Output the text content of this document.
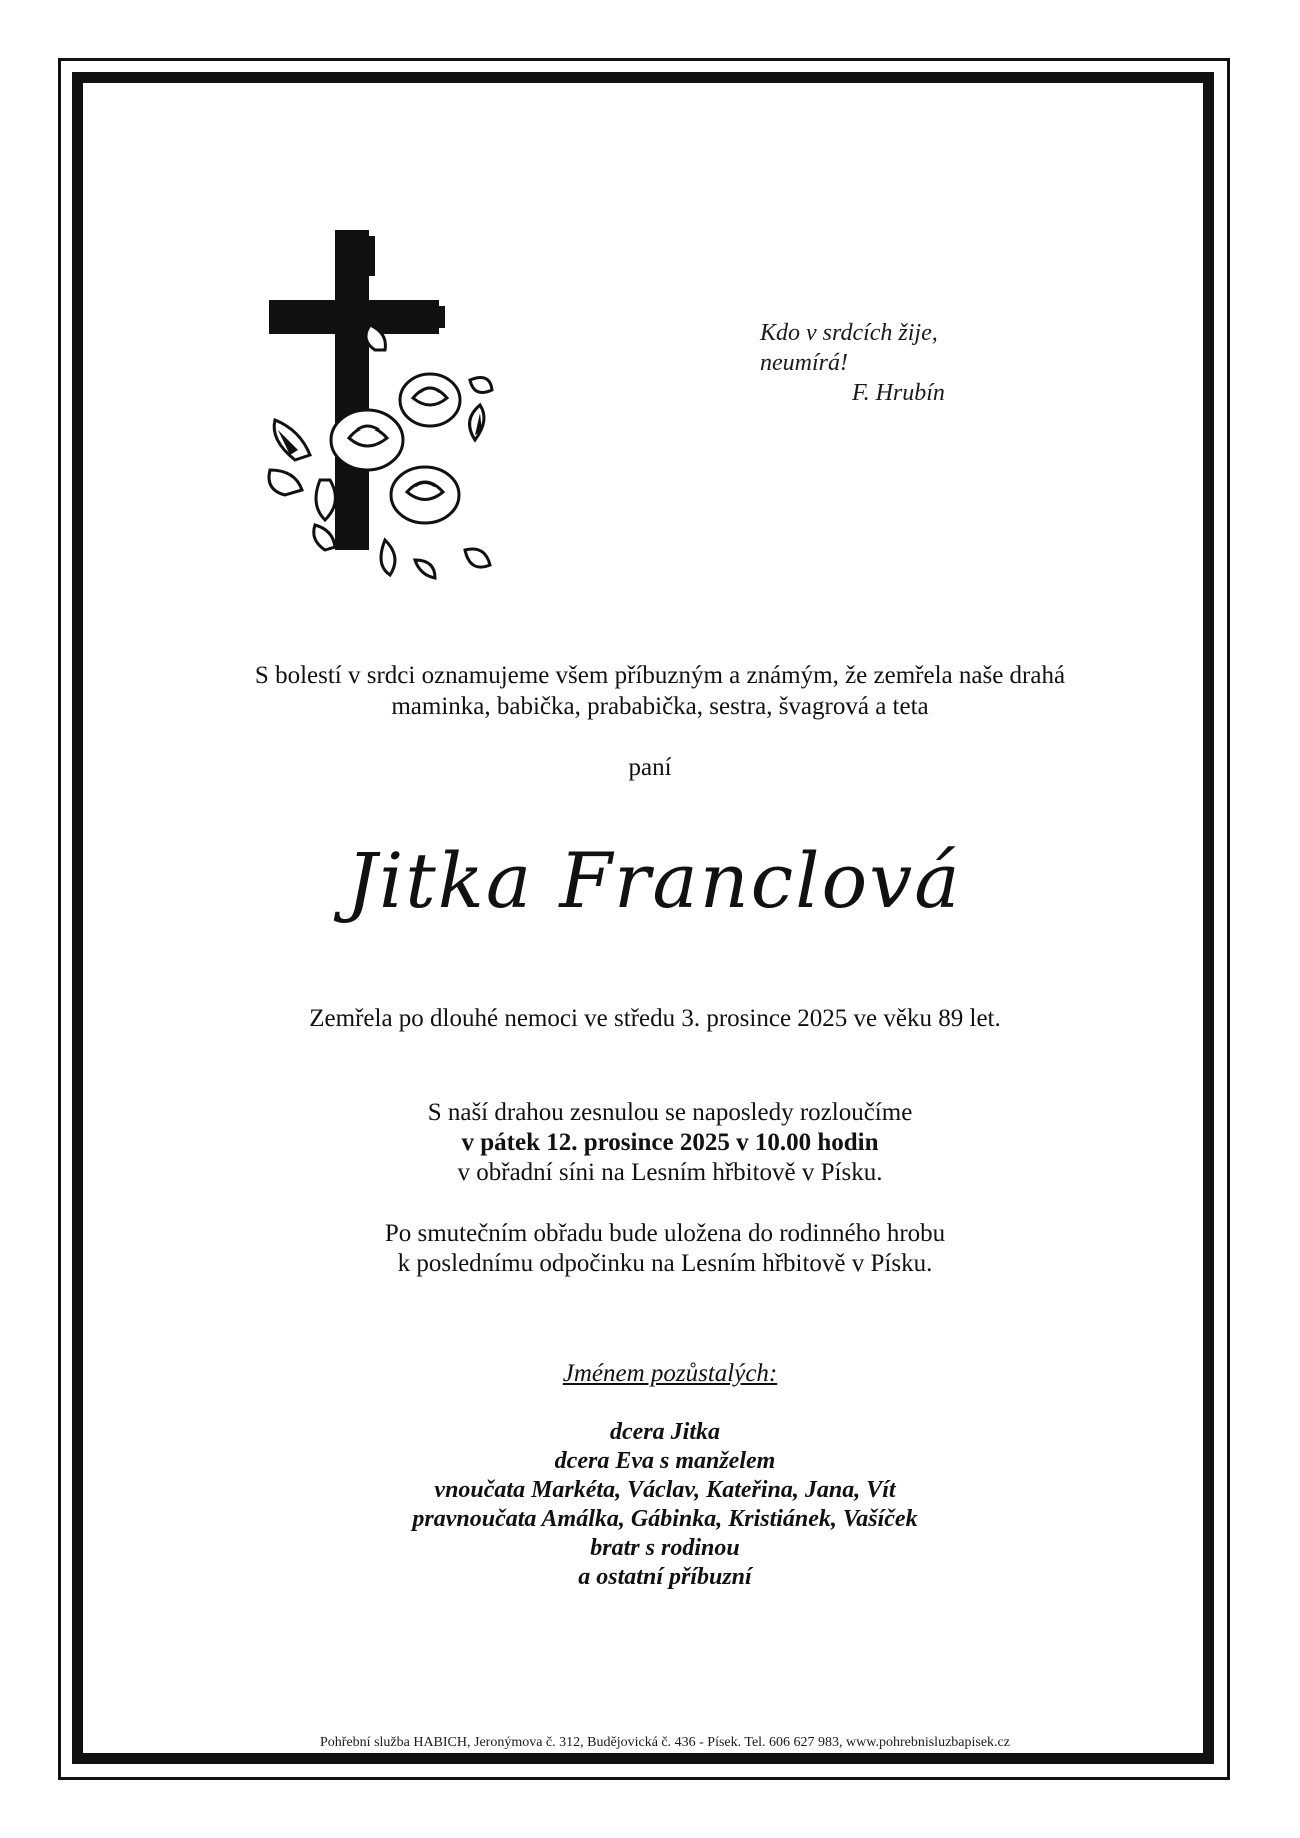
Kdo v srdcích žije,
neumírá!
F. Hrubín
S bolestí v srdci oznamujeme všem příbuzným a známým, že zemřela naše drahá
maminka, babička, prababička, sestra, švagrová a teta
paní
Jitka Franclová
Zemřela po dlouhé nemoci ve středu 3. prosince 2025 ve věku 89 let.
S naší drahou zesnulou se naposledy rozloučíme
v pátek 12. prosince 2025 v 10.00 hodin
v obřadní síni na Lesním hřbitově v Písku.
Po smutečním obřadu bude uložena do rodinného hrobu
k poslednímu odpočinku na Lesním hřbitově v Písku.
Jménem pozůstalých:
dcera Jitka
dcera Eva s manželem
vnoučata Markéta, Václav, Kateřina, Jana, Vít
pravnoučata Amálka, Gábinka, Kristiánek, Vašíček
bratr s rodinou
a ostatní příbuzní
Pohřební služba HABICH, Jeronýmova č. 312, Budějovická č. 436 - Písek. Tel. 606 627 983, www.pohrebnisluzbapisek.cz
